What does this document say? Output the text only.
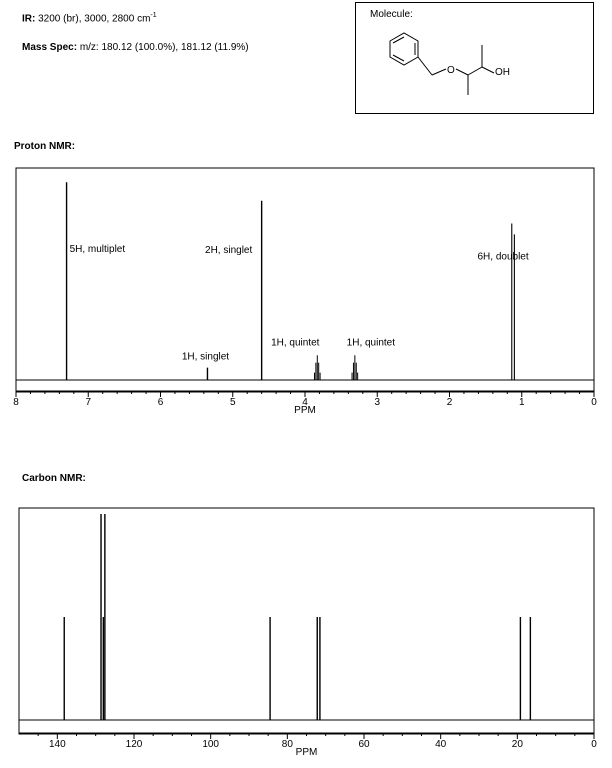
IR: 3200 (br), 3000, 2800 $cm^{-1}$
Mass Spec: m/z: 180.12 (100.0%), 181.12 (11.9%)
Molecule:
O	OH
Proton NMR:
Carbon NMR:
8	7	6	5	4	3	2	1	0
PPM
5H, multiplet
1H, singlet
2H, singlet
1H, quintet	1H, quintet
6H, doublet
140	120	100	80	60	40	20	0
PPM
